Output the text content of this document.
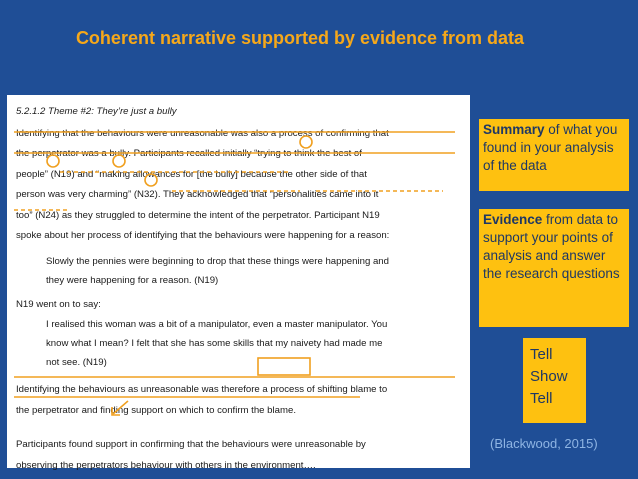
Coherent narrative supported by evidence from data

5.2.1.2 Theme #2: They’re just a bully

Identifying that the behaviours were unreasonable was also a process of confirming that

the perpetrator was a bully. Participants recalled initially “trying to think the best of

people” (N19) and “making allowances for [the bully] because the other side of that

person was very charming” (N32). They acknowledged that “personalities came into it

too” (N24) as they struggled to determine the intent of the perpetrator. Participant N19

spoke about her process of identifying that the behaviours were happening for a reason:

Slowly the pennies were beginning to drop that these things were happening and

they were happening for a reason. (N19)

N19 went on to say:

I realised this woman was a bit of a manipulator, even a master manipulator. You

know what I mean? I felt that she has some skills that my naivety had made me

not see. (N19)

Identifying the behaviours as unreasonable was therefore a process of shifting blame to

the perpetrator and finding support on which to confirm the blame.

Participants found support in confirming that the behaviours were unreasonable by

observing the perpetrators behaviour with others in the environment….

Summary of what you found in your analysis of the data
Evidence from data to support your points of analysis and answer the research questions
Tell
Show
Tell
(Blackwood, 2015)
